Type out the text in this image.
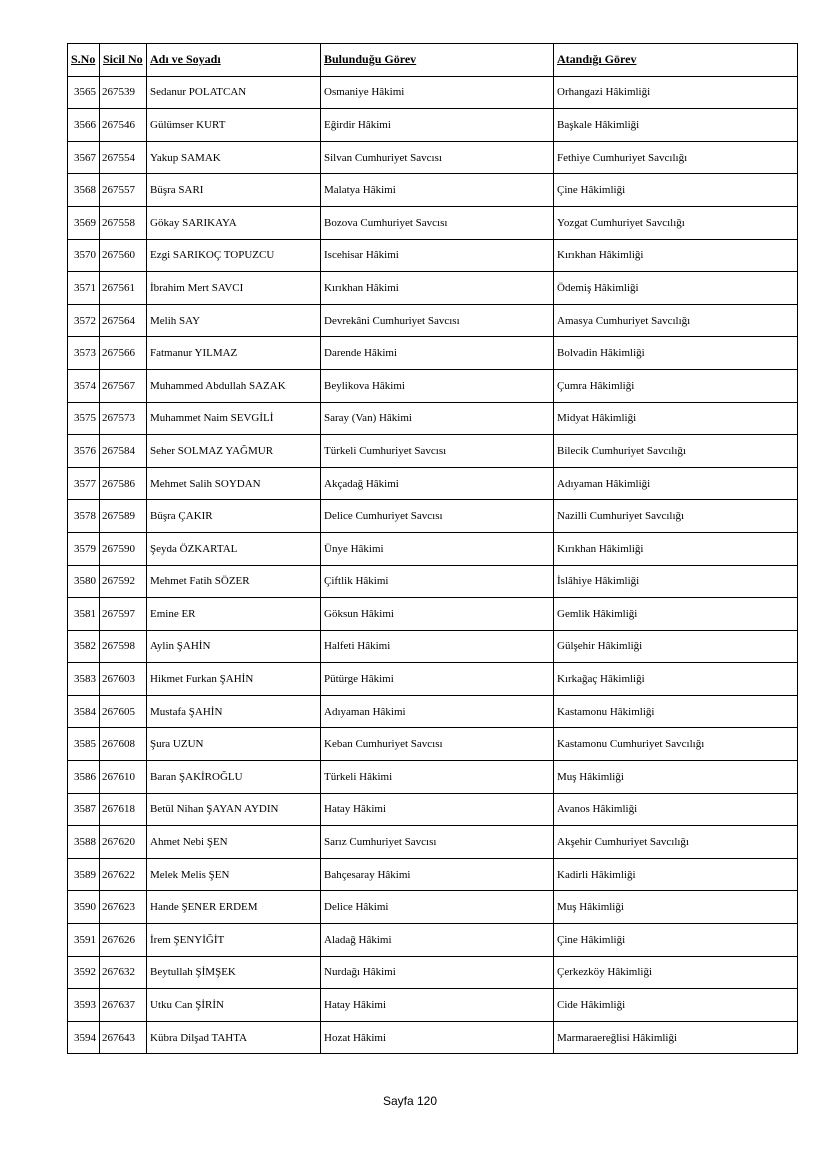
S.No	Sicil No	Adı ve Soyadı	Bulunduğu Görev	Atandığı Görev
3565	267539	Sedanur POLATCAN	Osmaniye Hâkimi	Orhangazi Hâkimliği
3566	267546	Gülümser KURT	Eğirdir Hâkimi	Başkale Hâkimliği
3567	267554	Yakup SAMAK	Silvan Cumhuriyet Savcısı	Fethiye Cumhuriyet Savcılığı
3568	267557	Büşra SARI	Malatya Hâkimi	Çine Hâkimliği
3569	267558	Gökay SARIKAYA	Bozova Cumhuriyet Savcısı	Yozgat Cumhuriyet Savcılığı
3570	267560	Ezgi SARIKOÇ TOPUZCU	Iscehisar Hâkimi	Kırıkhan Hâkimliği
3571	267561	İbrahim Mert SAVCI	Kırıkhan Hâkimi	Ödemiş Hâkimliği
3572	267564	Melih SAY	Devrekâni Cumhuriyet Savcısı	Amasya Cumhuriyet Savcılığı
3573	267566	Fatmanur YILMAZ	Darende Hâkimi	Bolvadin Hâkimliği
3574	267567	Muhammed Abdullah SAZAK	Beylikova Hâkimi	Çumra Hâkimliği
3575	267573	Muhammet Naim SEVGİLİ	Saray (Van) Hâkimi	Midyat Hâkimliği
3576	267584	Seher SOLMAZ YAĞMUR	Türkeli Cumhuriyet Savcısı	Bilecik Cumhuriyet Savcılığı
3577	267586	Mehmet Salih SOYDAN	Akçadağ Hâkimi	Adıyaman Hâkimliği
3578	267589	Büşra ÇAKIR	Delice Cumhuriyet Savcısı	Nazilli Cumhuriyet Savcılığı
3579	267590	Şeyda ÖZKARTAL	Ünye Hâkimi	Kırıkhan Hâkimliği
3580	267592	Mehmet Fatih SÖZER	Çiftlik Hâkimi	İslâhiye Hâkimliği
3581	267597	Emine ER	Göksun Hâkimi	Gemlik Hâkimliği
3582	267598	Aylin ŞAHİN	Halfeti Hâkimi	Gülşehir Hâkimliği
3583	267603	Hikmet Furkan ŞAHİN	Pütürge Hâkimi	Kırkağaç Hâkimliği
3584	267605	Mustafa ŞAHİN	Adıyaman Hâkimi	Kastamonu Hâkimliği
3585	267608	Şura UZUN	Keban Cumhuriyet Savcısı	Kastamonu Cumhuriyet Savcılığı
3586	267610	Baran ŞAKİROĞLU	Türkeli Hâkimi	Muş Hâkimliği
3587	267618	Betül Nihan ŞAYAN AYDIN	Hatay Hâkimi	Avanos Hâkimliği
3588	267620	Ahmet Nebi ŞEN	Sarız Cumhuriyet Savcısı	Akşehir Cumhuriyet Savcılığı
3589	267622	Melek Melis ŞEN	Bahçesaray Hâkimi	Kadirli Hâkimliği
3590	267623	Hande ŞENER ERDEM	Delice Hâkimi	Muş Hâkimliği
3591	267626	İrem ŞENYİĞİT	Aladağ Hâkimi	Çine Hâkimliği
3592	267632	Beytullah ŞİMŞEK	Nurdağı Hâkimi	Çerkezköy Hâkimliği
3593	267637	Utku Can ŞİRİN	Hatay Hâkimi	Cide Hâkimliği
3594	267643	Kübra Dilşad TAHTA	Hozat Hâkimi	Marmaraereğlisi Hâkimliği
Sayfa 120
